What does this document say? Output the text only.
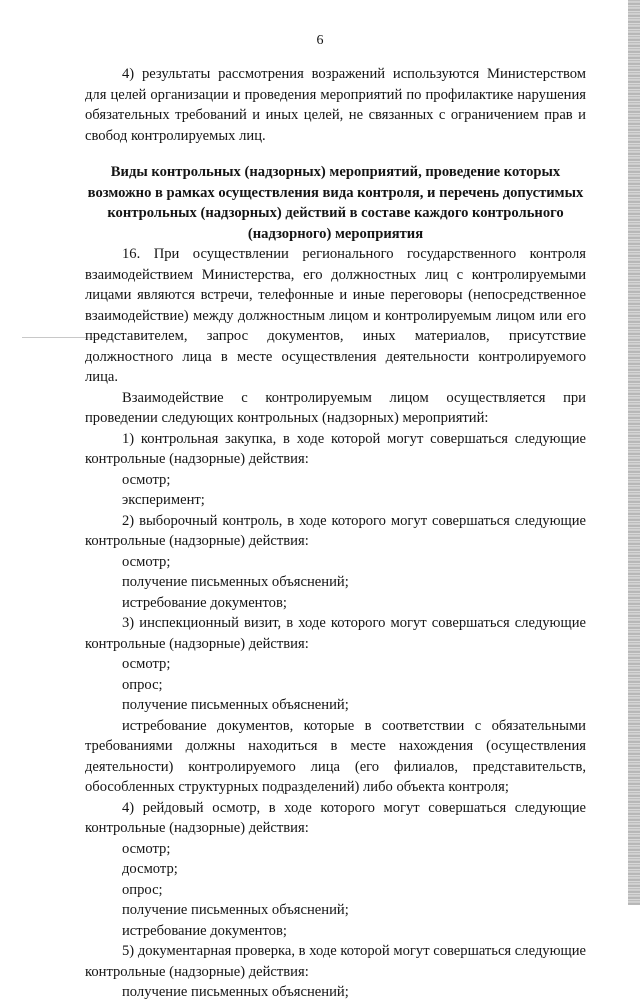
6

4) результаты рассмотрения возражений используются Министерством для целей организации и проведения мероприятий по профилактике нарушения обязательных требований и иных целей, не связанных с ограничением прав и свобод контролируемых лиц.

Виды контрольных (надзорных) мероприятий, проведение которых возможно в рамках осуществления вида контроля, и перечень допустимых контрольных (надзорных) действий в составе каждого контрольного (надзорного) мероприятия

16. При осуществлении регионального государственного контроля взаимодействием Министерства, его должностных лиц с контролируемыми лицами являются встречи, телефонные и иные переговоры (непосредственное взаимодействие) между должностным лицом и контролируемым лицом или его представителем, запрос документов, иных материалов, присутствие должностного лица в месте осуществления деятельности контролируемого лица.

Взаимодействие с контролируемым лицом осуществляется при проведении следующих контрольных (надзорных) мероприятий:

1) контрольная закупка, в ходе которой могут совершаться следующие контрольные (надзорные) действия:

осмотр;

эксперимент;

2) выборочный контроль, в ходе которого могут совершаться следующие контрольные (надзорные) действия:

осмотр;

получение письменных объяснений;

истребование документов;

3) инспекционный визит, в ходе которого могут совершаться следующие контрольные (надзорные) действия:

осмотр;

опрос;

получение письменных объяснений;

истребование документов, которые в соответствии с обязательными требованиями должны находиться в месте нахождения (осуществления деятельности) контролируемого лица (его филиалов, представительств, обособленных структурных подразделений) либо объекта контроля;

4) рейдовый осмотр, в ходе которого могут совершаться следующие контрольные (надзорные) действия:

осмотр;

досмотр;

опрос;

получение письменных объяснений;

истребование документов;

5) документарная проверка, в ходе которой могут совершаться следующие контрольные (надзорные) действия:

получение письменных объяснений;
